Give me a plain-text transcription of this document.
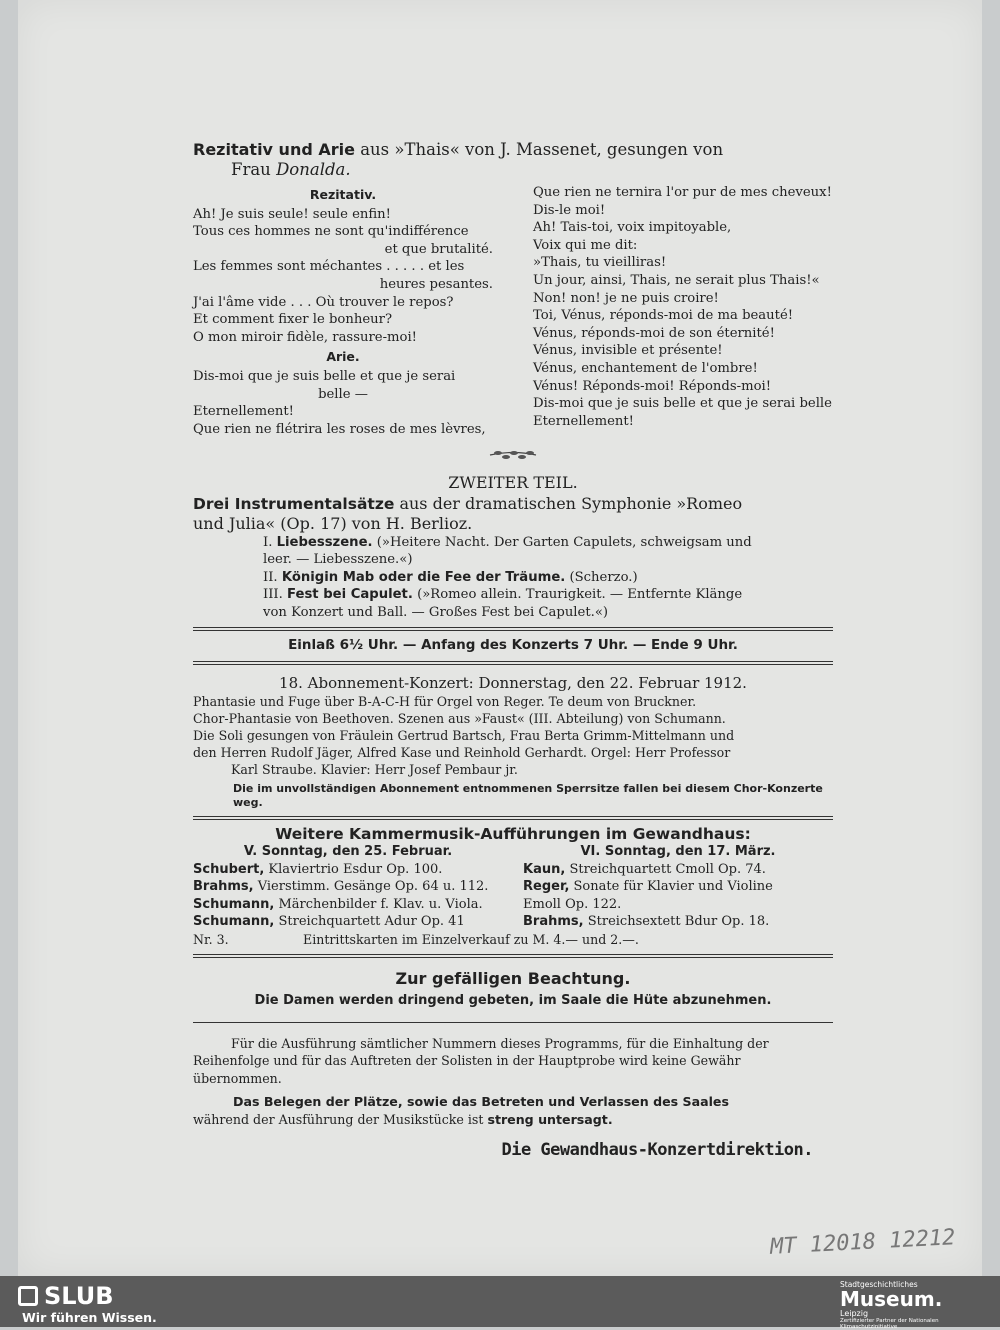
Rezitativ und Arie aus »Thais« von J. Massenet, gesungen von
Frau Donalda.
Rezitativ.
Ah! Je suis seule! seule enfin!
Tous ces hommes ne sont qu'indifférence
et que brutalité.
Les femmes sont méchantes . . . . . et les
heures pesantes.
J'ai l'âme vide . . . Où trouver le repos?
Et comment fixer le bonheur?
O mon miroir fidèle, rassure-moi!
Arie.
Dis-moi que je suis belle et que je serai
belle —
Eternellement!
Que rien ne flétrira les roses de mes lèvres,
Que rien ne ternira l'or pur de mes cheveux!
Dis-le moi!
Ah! Tais-toi, voix impitoyable,
Voix qui me dit:
»Thais, tu vieilliras!
Un jour, ainsi, Thais, ne serait plus Thais!«
Non! non! je ne puis croire!
Toi, Vénus, réponds-moi de ma beauté!
Vénus, réponds-moi de son éternité!
Vénus, invisible et présente!
Vénus, enchantement de l'ombre!
Vénus! Réponds-moi! Réponds-moi!
Dis-moi que je suis belle et que je serai belle
Eternellement!
ZWEITER TEIL.
Drei Instrumentalsätze aus der dramatischen Symphonie »Romeo
und Julia« (Op. 17) von H. Berlioz.
I. Liebesszene. (»Heitere Nacht. Der Garten Capulets, schweigsam und
leer. — Liebesszene.«)
II. Königin Mab oder die Fee der Träume. (Scherzo.)
III. Fest bei Capulet. (»Romeo allein. Traurigkeit. — Entfernte Klänge
von Konzert und Ball. — Großes Fest bei Capulet.«)
Einlaß 6½ Uhr. — Anfang des Konzerts 7 Uhr. — Ende 9 Uhr.
18. Abonnement-Konzert: Donnerstag, den 22. Februar 1912.
Phantasie und Fuge über B-A-C-H für Orgel von Reger. Te deum von Bruckner.
Chor-Phantasie von Beethoven. Szenen aus »Faust« (III. Abteilung) von Schumann.
Die Soli gesungen von Fräulein Gertrud Bartsch, Frau Berta Grimm-Mittelmann und
den Herren Rudolf Jäger, Alfred Kase und Reinhold Gerhardt. Orgel: Herr Professor
Karl Straube. Klavier: Herr Josef Pembaur jr.
Die im unvollständigen Abonnement entnommenen Sperrsitze fallen bei diesem Chor-Konzerte weg.
Weitere Kammermusik-Aufführungen im Gewandhaus:
V. Sonntag, den 25. Februar.
Schubert, Klaviertrio Esdur Op. 100.
Brahms, Vierstimm. Gesänge Op. 64 u. 112.
Schumann, Märchenbilder f. Klav. u. Viola.
Schumann, Streichquartett Adur Op. 41
VI. Sonntag, den 17. März.
Kaun, Streichquartett Cmoll Op. 74.
Reger, Sonate für Klavier und Violine
Emoll Op. 122.
Brahms, Streichsextett Bdur Op. 18.
Nr. 3.	Eintrittskarten im Einzelverkauf zu M. 4.— und 2.—.
Zur gefälligen Beachtung.
Die Damen werden dringend gebeten, im Saale die Hüte abzunehmen.
Für die Ausführung sämtlicher Nummern dieses Programms, für die Einhaltung der Reihenfolge und für das Auftreten der Solisten in der Hauptprobe wird keine Gewähr übernommen.
Das Belegen der Plätze, sowie das Betreten und Verlassen des Saales
während der Ausführung der Musikstücke ist streng untersagt.
Die Gewandhaus-Konzertdirektion.
MT 12018 12212
SLUB
Wir führen Wissen.
Stadtgeschichtliches
Museum.
Leipzig
Zertifizierter Partner der Nationalen Klimaschutzinitiative
